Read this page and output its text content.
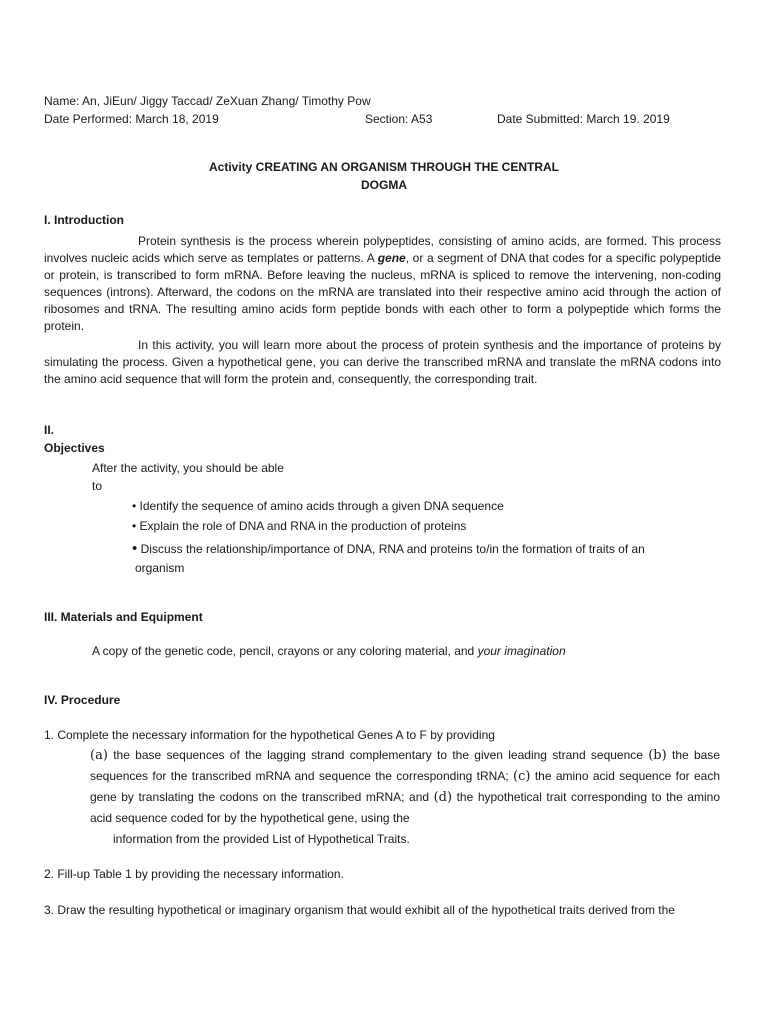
Name: An, JiEun/ Jiggy Taccad/ ZeXuan Zhang/ Timothy Pow
Date Performed: March 18, 2019	Section: A53	Date Submitted: March 19. 2019
Activity CREATING AN ORGANISM THROUGH THE CENTRAL
DOGMA
I. Introduction

Protein synthesis is the process wherein polypeptides, consisting of amino acids, are formed. This process involves nucleic acids which serve as templates or patterns. A gene, or a segment of DNA that codes for a specific polypeptide or protein, is transcribed to form mRNA. Before leaving the nucleus, mRNA is spliced to remove the intervening, non-coding sequences (introns). Afterward, the codons on the mRNA are translated into their respective amino acid through the action of ribosomes and tRNA. The resulting amino acids form peptide bonds with each other to form a polypeptide which forms the protein.

In this activity, you will learn more about the process of protein synthesis and the importance of proteins by simulating the process. Given a hypothetical gene, you can derive the transcribed mRNA and translate the mRNA codons into the amino acid sequence that will form the protein and, consequently, the corresponding trait.

II.
Objectives
After the activity, you should be able
to
• Identify the sequence of amino acids through a given DNA sequence
• Explain the role of DNA and RNA in the production of proteins
• Discuss the relationship/importance of DNA, RNA and proteins to/in the formation of traits of an
organism
III. Materials and Equipment
A copy of the genetic code, pencil, crayons or any coloring material, and your imagination
IV. Procedure
1. Complete the necessary information for the hypothetical Genes A to F by providing

(a) the base sequences of the lagging strand complementary to the given leading strand sequence (b) the base sequences for the transcribed mRNA and sequence the corresponding tRNA; (c) the amino acid sequence for each gene by translating the codons on the transcribed mRNA; and (d) the hypothetical trait corresponding to the amino acid sequence coded for by the hypothetical gene, using the

information from the provided List of Hypothetical Traits.
2. Fill-up Table 1 by providing the necessary information.
3. Draw the resulting hypothetical or imaginary organism that would exhibit all of the hypothetical traits derived from the
